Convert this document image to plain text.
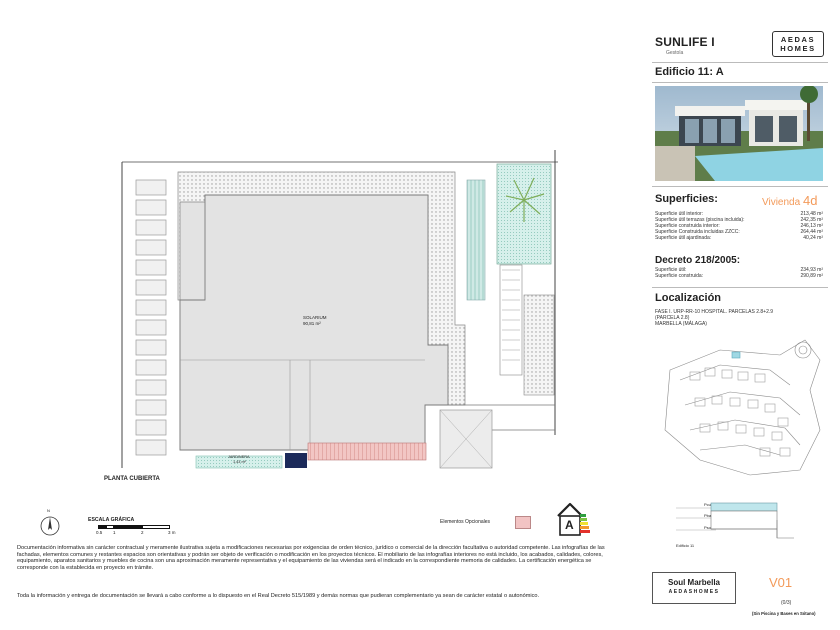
SUNLIFE I
Gestola
AEDAS
HOMES
Edificio 11: A
Superficies:	Vivienda 4d
Superficie útil interior:	213,48 m²
Superficie útil terrazas (piscina incluida):	242,35 m²
Superficie construida interior:	246,13 m²
Superficie Construida incluidas ZZCC:	264,44 m²
Superficie útil ajardinada:	40,24 m²
Decreto 218/2005:
Superficie útil:	234,93 m²
Superficie construida:	290,89 m²
Localización
FASE I. URP-RR-10 HOSPITAL. PARCELAS 2.8+2.9
(PARCELA 2.8)
MARBELLA (MÁLAGA)
Pcu
Pba
Pso
Edificio 11
Soul Marbella
AEDASHOMES
V01
(0/3)
(Sin Piscina y Bases en Sótano)
SOLARIUM
90,81 m²
JARDINERA
1,43 m²
PLANTA CUBIERTA
N
ESCALA GRÁFICA
0.5 1	2	3 m
Elementos Opcionales	A
Documentación informativa sin carácter contractual y meramente ilustrativa sujeta a modificaciones necesarias por exigencias de orden técnico, jurídico o comercial de la dirección facultativa o autoridad competente. Las infografías de las fachadas, elementos comunes y restantes espacios son orientativas y podrán ser objeto de verificación o modificación en los proyectos técnicos. El mobiliario de las infografías interiores no está incluido, los acabados, calidades, colores, equipamiento, aparatos sanitarios y muebles de cocina son una aproximación meramente representativa y el equipamiento de las viviendas será el indicado en la correspondiente memoria de calidades. La certificación energética se corresponde con la establecida en proyecto en trámite.
Toda la información y entrega de documentación se llevará a cabo conforme a lo dispuesto en el Real Decreto 515/1989 y demás normas que pudieran complementario ya sean de carácter estatal o autonómico.
